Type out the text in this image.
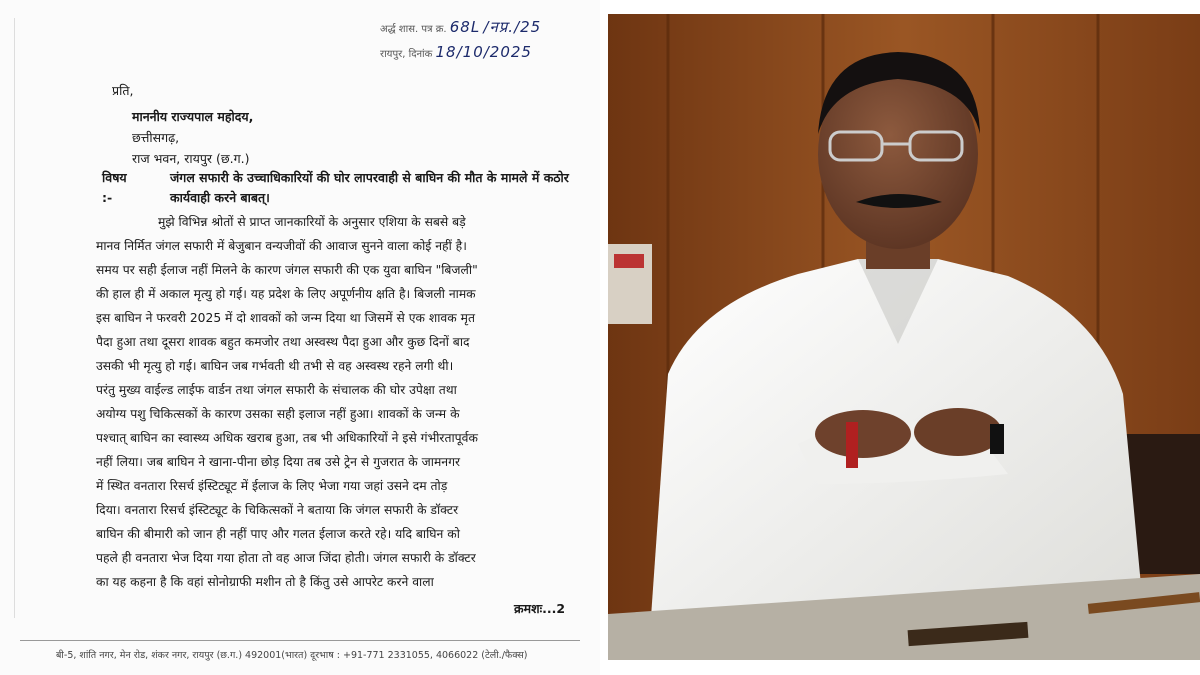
अर्द्ध शास. पत्र क्र. 68L /नप्र./25
रायपुर, दिनांक 18/10/2025
प्रति,
माननीय राज्यपाल महोदय,
छत्तीसगढ़,
राज भवन, रायपुर (छ.ग.)
विषय :-
जंगल सफारी के उच्चाधिकारियों की घोर लापरवाही से बाघिन की मौत के मामले में कठोर कार्यवाही करने बाबत्।
मुझे विभिन्न श्रोतों से प्राप्त जानकारियों के अनुसार एशिया के सबसे बड़े
मानव निर्मित जंगल सफारी में बेजुबान वन्यजीवों की आवाज सुनने वाला कोई नहीं है।
समय पर सही ईलाज नहीं मिलने के कारण जंगल सफारी की एक युवा बाघिन "बिजली"
की हाल ही में अकाल मृत्यु हो गई। यह प्रदेश के लिए अपूर्णनीय क्षति है। बिजली नामक
इस बाघिन ने फरवरी 2025 में दो शावकों को जन्म दिया था जिसमें से एक शावक मृत
पैदा हुआ तथा दूसरा शावक बहुत कमजोर तथा अस्वस्थ पैदा हुआ और कुछ दिनों बाद
उसकी भी मृत्यु हो गई। बाघिन जब गर्भवती थी तभी से वह अस्वस्थ रहने लगी थी।
परंतु मुख्य वाईल्ड लाईफ वार्डन तथा जंगल सफारी के संचालक की घोर उपेक्षा तथा
अयोग्य पशु चिकित्सकों के कारण उसका सही इलाज नहीं हुआ। शावकों के जन्म के
पश्चात् बाघिन का स्वास्थ्य अधिक खराब हुआ, तब भी अधिकारियों ने इसे गंभीरतापूर्वक
नहीं लिया। जब बाघिन ने खाना-पीना छोड़ दिया तब उसे ट्रेन से गुजरात के जामनगर
में स्थित वनतारा रिसर्च इंस्टिट्यूट में ईलाज के लिए भेजा गया जहां उसने दम तोड़
दिया। वनतारा रिसर्च इंस्टिट्यूट के चिकित्सकों ने बताया कि जंगल सफारी के डॉक्टर
बाघिन की बीमारी को जान ही नहीं पाए और गलत ईलाज करते रहे। यदि बाघिन को
पहले ही वनतारा भेज दिया गया होता तो वह आज जिंदा होती। जंगल सफारी के डॉक्टर
का यह कहना है कि वहां सोनोग्राफी मशीन तो है किंतु उसे आपरेट करने वाला
क्रमशः...2
बी-5, शांति नगर, मेन रोड, शंकर नगर, रायपुर (छ.ग.) 492001(भारत) दूरभाष : +91-771 2331055, 4066022 (टेली./फैक्स)
